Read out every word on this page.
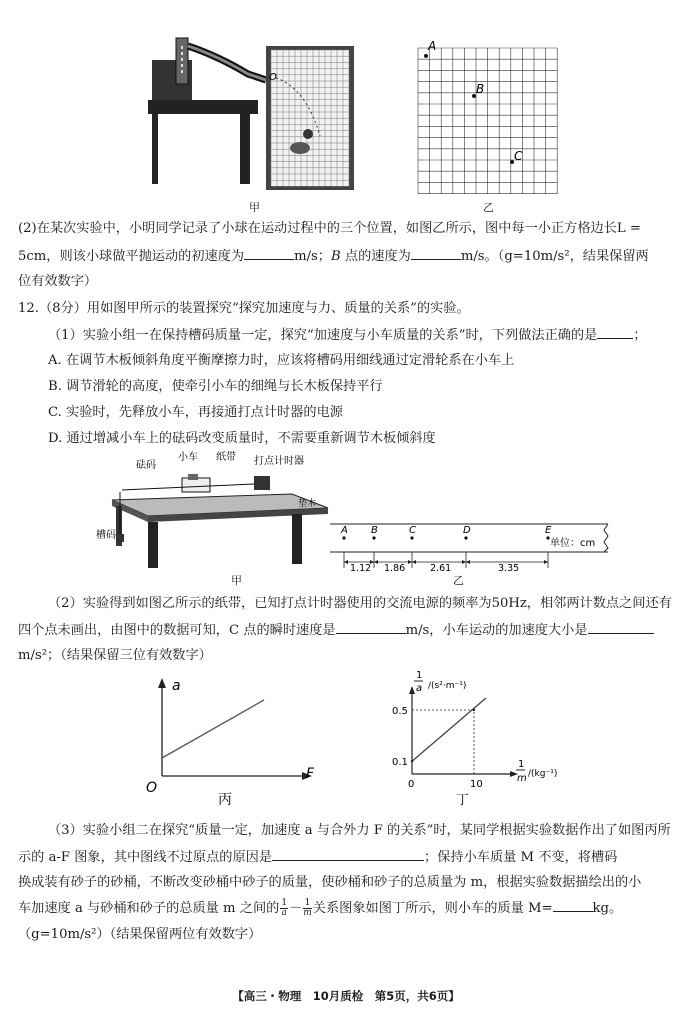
O
甲
A
B
C
乙
(2)在某次实验中，小明同学记录了小球在运动过程中的三个位置，如图乙所示，图中每一小正方格边长L =
5cm，则该小球做平抛运动的初速度为	m/s；B 点的速度为	m/s。（g=10m/s²，结果保留两
位有效数字）
12.（8分）用如图甲所示的装置探究“探究加速度与力、质量的关系”的实验。
（1）实验小组一在保持槽码质量一定，探究“加速度与小车质量的关系”时，下列做法正确的是	；
A. 在调节木板倾斜角度平衡摩擦力时，应该将槽码用细线通过定滑轮系在小车上
B. 调节滑轮的高度，使牵引小车的细绳与长木板保持平行
C. 实验时，先释放小车，再接通打点计时器的电源
D. 通过增减小车上的砝码改变质量时，不需要重新调节木板倾斜度
砝码
小车 纸带 打点计时器
槽码
垫木
甲
A B	C	D	E
1.12 1.86	2.61	3.35
单位：cm
乙
（2）实验得到如图乙所示的纸带，已知打点计时器使用的交流电源的频率为50Hz，相邻两计数点之间还有
四个点未画出，由图中的数据可知，C 点的瞬时速度是	m/s，小车运动的加速度大小是
m/s²；（结果保留三位有效数字）
a
F
O
丙
1
a /(s²·m⁻¹)
0.5
0.1
0	10
1
m /(kg⁻¹)
丁
（3）实验小组二在探究“质量一定，加速度 a 与合外力 F 的关系”时，某同学根据实验数据作出了如图丙所
示的 a-F 图象，其中图线不过原点的原因是	；保持小车质量 M 不变，将槽码
换成装有砂子的砂桶，不断改变砂桶中砂子的质量，使砂桶和砂子的总质量为 m，根据实验数据描绘出的小
车加速度 a 与砂桶和砂子的总质量 m 之间的 $\frac{1}{a} - \frac{1}{m}$ 关系图象如图丁所示，则小车的质量 M=	kg。
（g=10m/s²）（结果保留两位有效数字）
【高三・物理　10月质检　第5页，共6页】
